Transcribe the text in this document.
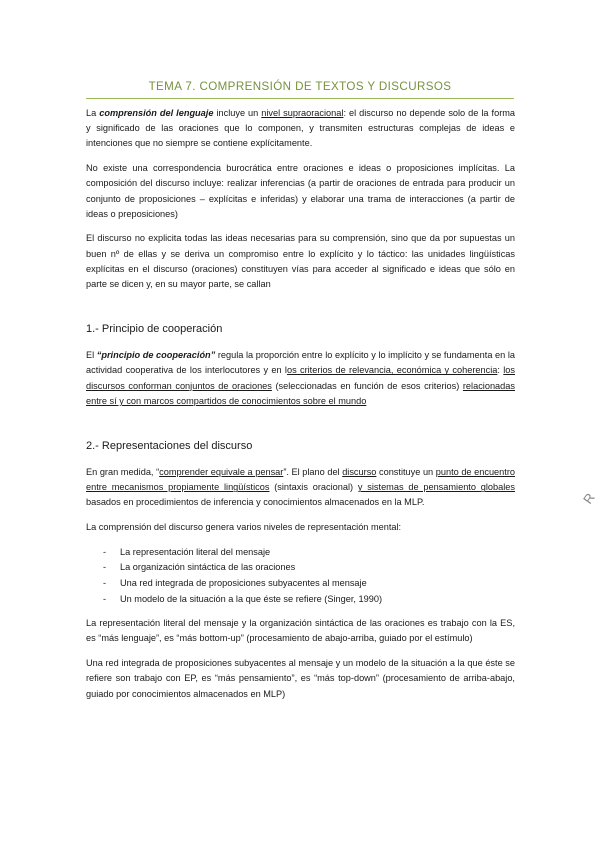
TEMA 7. COMPRENSIÓN DE TEXTOS Y DISCURSOS

La comprensión del lenguaje incluye un nivel supraoracional: el discurso no depende solo de la forma y significado de las oraciones que lo componen, y transmiten estructuras complejas de ideas e intenciones que no siempre se contiene explícitamente.

No existe una correspondencia burocrática entre oraciones e ideas o proposiciones implícitas. La composición del discurso incluye: realizar inferencias (a partir de oraciones de entrada para producir un conjunto de proposiciones – explícitas e inferidas) y elaborar una trama de interacciones (a partir de ideas o preposiciones)

El discurso no explicita todas las ideas necesarias para su comprensión, sino que da por supuestas un buen nº de ellas y se deriva un compromiso entre lo explícito y lo táctico: las unidades lingüísticas explícitas en el discurso (oraciones) constituyen vías para acceder al significado e ideas que sólo en parte se dicen y, en su mayor parte, se callan

1.- Principio de cooperación

El “principio de cooperación” regula la proporción entre lo explícito y lo implícito y se fundamenta en la actividad cooperativa de los interlocutores y en los criterios de relevancia, económica y coherencia: los discursos conforman conjuntos de oraciones (seleccionadas en función de esos criterios) relacionadas entre sí y con marcos compartidos de conocimientos sobre el mundo

2.- Representaciones del discurso

En gran medida, “comprender equivale a pensar”. El plano del discurso constituye un punto de encuentro entre mecanismos propiamente lingüísticos (sintaxis oracional) y sistemas de pensamiento globales basados en procedimientos de inferencia y conocimientos almacenados en la MLP.

La comprensión del discurso genera varios niveles de representación mental:

- La representación literal del mensaje
- La organización sintáctica de las oraciones
- Una red integrada de proposiciones subyacentes al mensaje
- Un modelo de la situación a la que éste se refiere (Singer, 1990)

La representación literal del mensaje y la organización sintáctica de las oraciones es trabajo con la ES, es “más lenguaje”, es “más bottom-up” (procesamiento de abajo-arriba, guiado por el estímulo)

Una red integrada de proposiciones subyacentes al mensaje y un modelo de la situación a la que éste se refiere son trabajo con EP, es “más pensamiento”, es “más top-down” (procesamiento de arriba-abajo, guiado por conocimientos almacenados en MLP)

R
